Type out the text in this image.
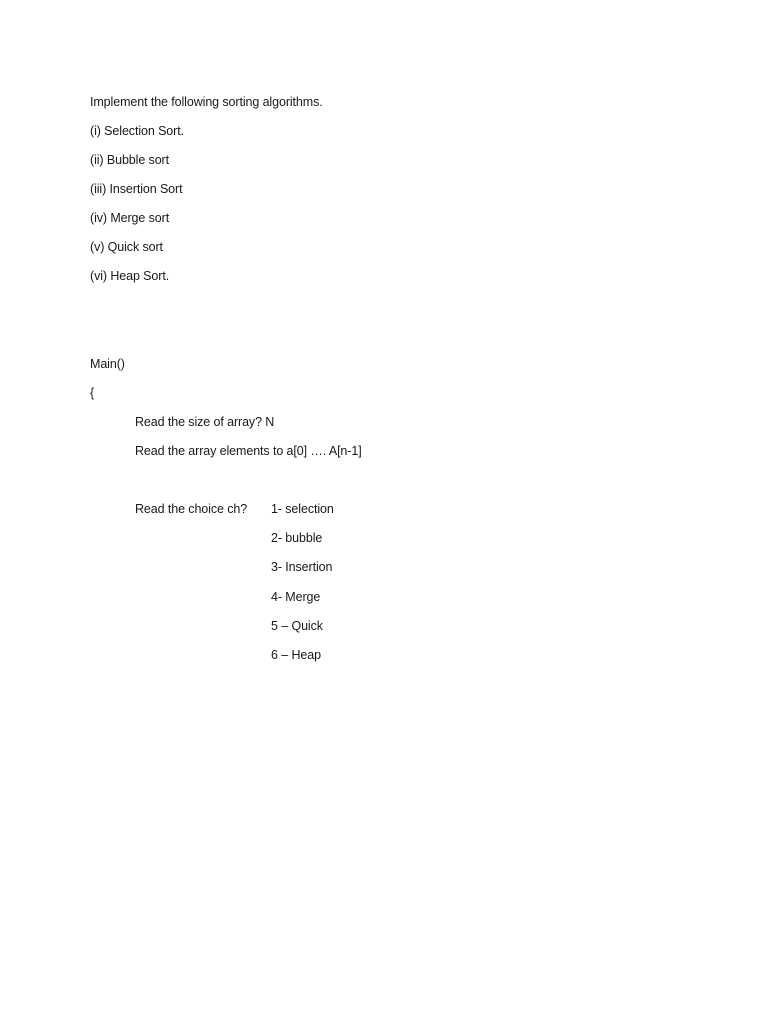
Implement the following sorting algorithms.
(i) Selection Sort.
(ii) Bubble sort
(iii) Insertion Sort
(iv) Merge sort
(v) Quick sort
(vi) Heap Sort.
Main()
{
Read the size of array? N
Read the array elements to a[0] …. A[n-1]
Read the choice ch? 1- selection
2- bubble
3- Insertion
4- Merge
5 – Quick
6 – Heap
